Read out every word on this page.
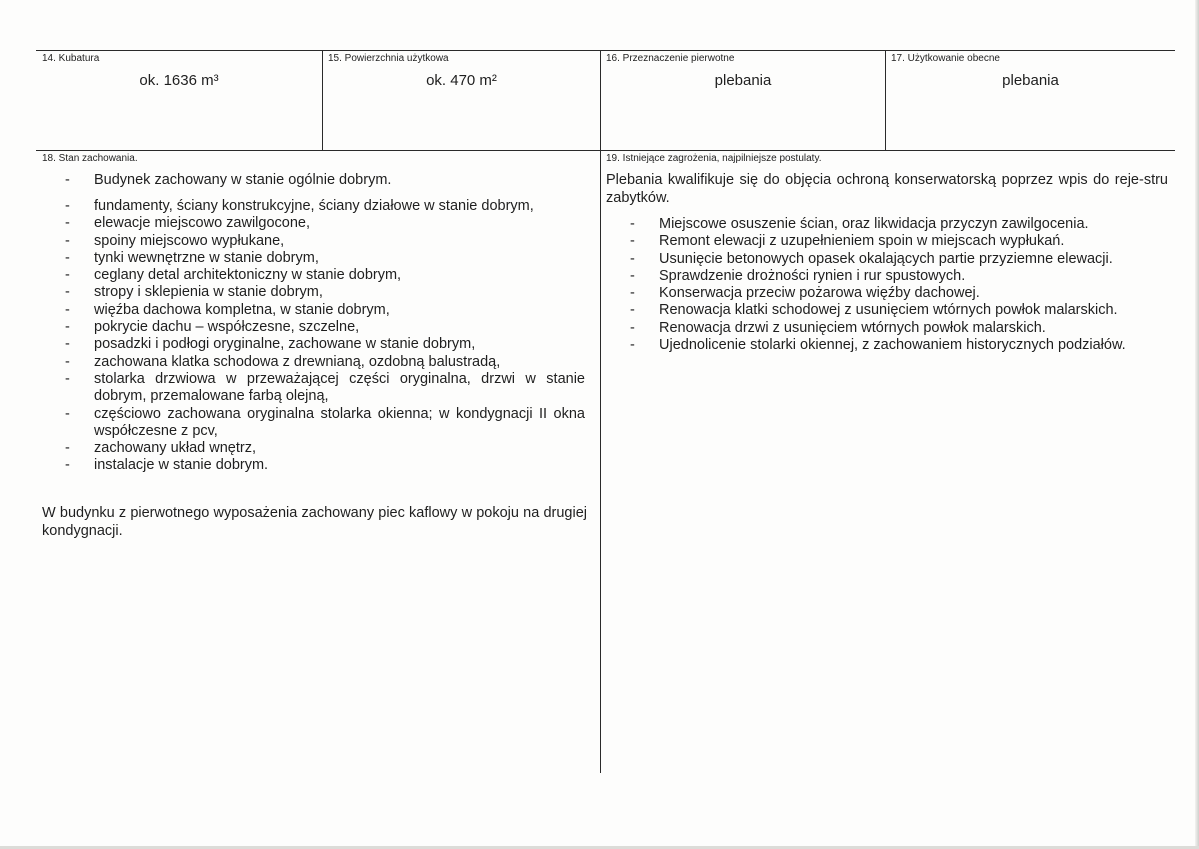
14. Kubatura
ok. 1636 m³
15. Powierzchnia użytkowa
ok. 470 m²
16. Przeznaczenie pierwotne
plebania
17. Użytkowanie obecne
plebania
18. Stan zachowania.
- Budynek zachowany w stanie ogólnie dobrym.
- fundamenty, ściany konstrukcyjne, ściany działowe w stanie dobrym,
- elewacje miejscowo zawilgocone,
- spoiny miejscowo wypłukane,
- tynki wewnętrzne w stanie dobrym,
- ceglany detal architektoniczny w stanie dobrym,
- stropy i sklepienia w stanie dobrym,
- więźba dachowa kompletna, w stanie dobrym,
- pokrycie dachu – współczesne, szczelne,
- posadzki i podłogi oryginalne, zachowane w stanie dobrym,
- zachowana klatka schodowa z drewnianą, ozdobną balustradą,
- stolarka drzwiowa w przeważającej części oryginalna, drzwi w stanie dobrym, przemalowane farbą olejną,
- częściowo zachowana oryginalna stolarka okienna; w kondygnacji II okna współczesne z pcv,
- zachowany układ wnętrz,
- instalacje w stanie dobrym.

W budynku z pierwotnego wyposażenia zachowany piec kaflowy w pokoju na drugiej kondygnacji.

19. Istniejące zagrożenia, najpilniejsze postulaty.

Plebania kwalifikuje się do objęcia ochroną konserwatorską poprzez wpis do reje-stru zabytków.

- Miejscowe osuszenie ścian, oraz likwidacja przyczyn zawilgocenia.
- Remont elewacji z uzupełnieniem spoin w miejscach wypłukań.
- Usunięcie betonowych opasek okalających partie przyziemne elewacji.
- Sprawdzenie drożności rynien i rur spustowych.
- Konserwacja przeciw pożarowa więźby dachowej.
- Renowacja klatki schodowej z usunięciem wtórnych powłok malarskich.
- Renowacja drzwi z usunięciem wtórnych powłok malarskich.
- Ujednolicenie stolarki okiennej, z zachowaniem historycznych podziałów.
